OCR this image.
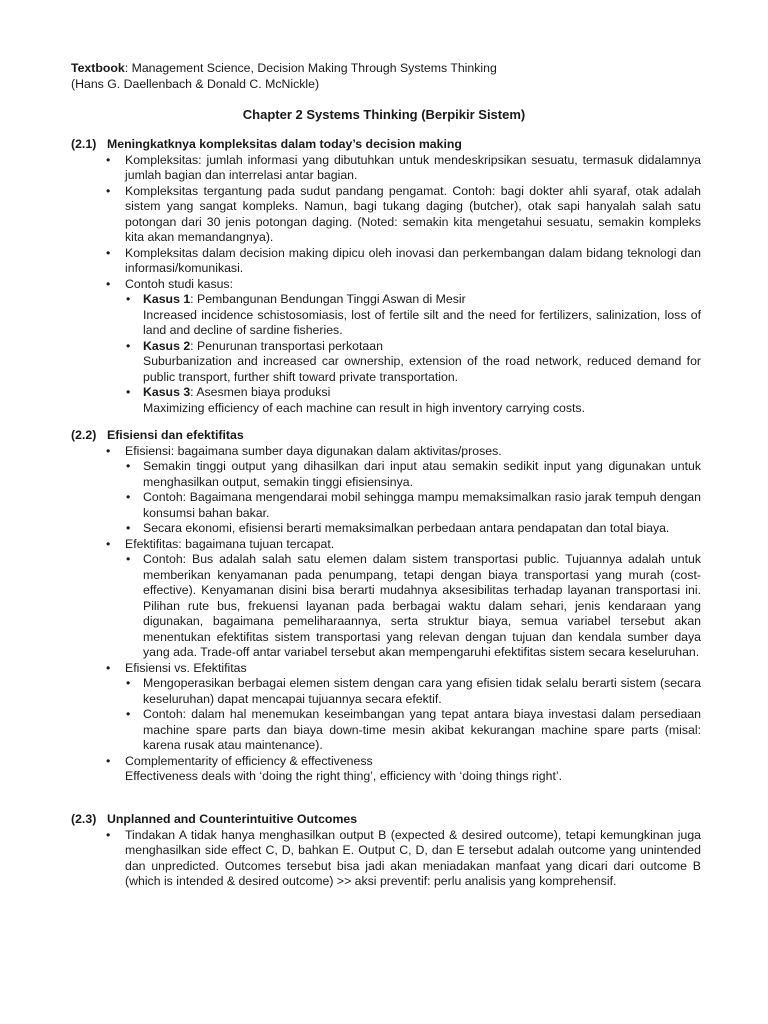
Textbook: Management Science, Decision Making Through Systems Thinking
(Hans G. Daellenbach & Donald C. McNickle)
Chapter 2 Systems Thinking (Berpikir Sistem)
(2.1) Meningkatknya kompleksitas dalam today’s decision making
• Kompleksitas: jumlah informasi yang dibutuhkan untuk mendeskripsikan sesuatu, termasuk didalamnya jumlah bagian dan interrelasi antar bagian.
• Kompleksitas tergantung pada sudut pandang pengamat. Contoh: bagi dokter ahli syaraf, otak adalah sistem yang sangat kompleks. Namun, bagi tukang daging (butcher), otak sapi hanyalah salah satu potongan dari 30 jenis potongan daging. (Noted: semakin kita mengetahui sesuatu, semakin kompleks kita akan memandangnya).
• Kompleksitas dalam decision making dipicu oleh inovasi dan perkembangan dalam bidang teknologi dan informasi/komunikasi.
• Contoh studi kasus:
• Kasus 1: Pembangunan Bendungan Tinggi Aswan di Mesir
Increased incidence schistosomiasis, lost of fertile silt and the need for fertilizers, salinization, loss of land and decline of sardine fisheries.
• Kasus 2: Penurunan transportasi perkotaan
Suburbanization and increased car ownership, extension of the road network, reduced demand for public transport, further shift toward private transportation.
• Kasus 3: Asesmen biaya produksi
Maximizing efficiency of each machine can result in high inventory carrying costs.
(2.2) Efisiensi dan efektifitas
• Efisiensi: bagaimana sumber daya digunakan dalam aktivitas/proses.
• Semakin tinggi output yang dihasilkan dari input atau semakin sedikit input yang digunakan untuk menghasilkan output, semakin tinggi efisiensinya.
• Contoh: Bagaimana mengendarai mobil sehingga mampu memaksimalkan rasio jarak tempuh dengan konsumsi bahan bakar.
• Secara ekonomi, efisiensi berarti memaksimalkan perbedaan antara pendapatan dan total biaya.
• Efektifitas: bagaimana tujuan tercapat.
• Contoh: Bus adalah salah satu elemen dalam sistem transportasi public. Tujuannya adalah untuk memberikan kenyamanan pada penumpang, tetapi dengan biaya transportasi yang murah (cost-effective). Kenyamanan disini bisa berarti mudahnya aksesibilitas terhadap layanan transportasi ini. Pilihan rute bus, frekuensi layanan pada berbagai waktu dalam sehari, jenis kendaraan yang digunakan, bagaimana pemeliharaannya, serta struktur biaya, semua variabel tersebut akan menentukan efektifitas sistem transportasi yang relevan dengan tujuan dan kendala sumber daya yang ada. Trade-off antar variabel tersebut akan mempengaruhi efektifitas sistem secara keseluruhan.
• Efisiensi vs. Efektifitas
• Mengoperasikan berbagai elemen sistem dengan cara yang efisien tidak selalu berarti sistem (secara keseluruhan) dapat mencapai tujuannya secara efektif.
• Contoh: dalam hal menemukan keseimbangan yang tepat antara biaya investasi dalam persediaan machine spare parts dan biaya down-time mesin akibat kekurangan machine spare parts (misal: karena rusak atau maintenance).
• Complementarity of efficiency & effectiveness
Effectiveness deals with ‘doing the right thing’, efficiency with ‘doing things right’.
(2.3) Unplanned and Counterintuitive Outcomes
• Tindakan A tidak hanya menghasilkan output B (expected & desired outcome), tetapi kemungkinan juga menghasilkan side effect C, D, bahkan E. Output C, D, dan E tersebut adalah outcome yang unintended dan unpredicted. Outcomes tersebut bisa jadi akan meniadakan manfaat yang dicari dari outcome B (which is intended & desired outcome) >> aksi preventif: perlu analisis yang komprehensif.
